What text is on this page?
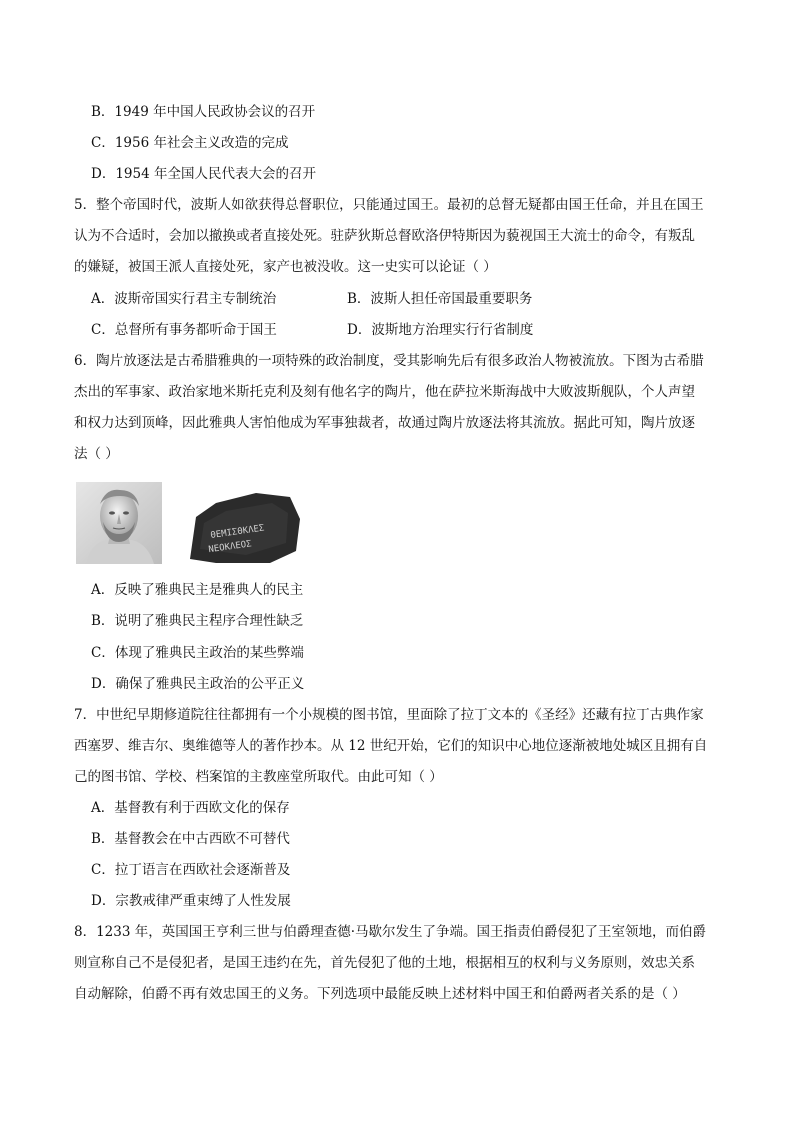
B．1949 年中国人民政协会议的召开
C．1956 年社会主义改造的完成
D．1954 年全国人民代表大会的召开
5．整个帝国时代，波斯人如欲获得总督职位，只能通过国王。最初的总督无疑都由国王任命，并且在国王
认为不合适时，会加以撤换或者直接处死。驻萨狄斯总督欧洛伊特斯因为藐视国王大流士的命令，有叛乱
的嫌疑，被国王派人直接处死，家产也被没收。这一史实可以论证（ ）
A．波斯帝国实行君主专制统治	B．波斯人担任帝国最重要职务
C．总督所有事务都听命于国王	D．波斯地方治理实行行省制度
6．陶片放逐法是古希腊雅典的一项特殊的政治制度，受其影响先后有很多政治人物被流放。下图为古希腊
杰出的军事家、政治家地米斯托克利及刻有他名字的陶片，他在萨拉米斯海战中大败波斯舰队，个人声望
和权力达到顶峰，因此雅典人害怕他成为军事独裁者，故通过陶片放逐法将其流放。据此可知，陶片放逐
法（ ）
ΘEMIΣΘΚΛEΣ
NEOKΛEOΣ
A．反映了雅典民主是雅典人的民主
B．说明了雅典民主程序合理性缺乏
C．体现了雅典民主政治的某些弊端
D．确保了雅典民主政治的公平正义
7．中世纪早期修道院往往都拥有一个小规模的图书馆，里面除了拉丁文本的《圣经》还藏有拉丁古典作家
西塞罗、维吉尔、奥维德等人的著作抄本。从 12 世纪开始，它们的知识中心地位逐渐被地处城区且拥有自
己的图书馆、学校、档案馆的主教座堂所取代。由此可知（ ）
A．基督教有利于西欧文化的保存
B．基督教会在中古西欧不可替代
C．拉丁语言在西欧社会逐渐普及
D．宗教戒律严重束缚了人性发展
8．1233 年，英国国王亨利三世与伯爵理查德·马歇尔发生了争端。国王指责伯爵侵犯了王室领地，而伯爵
则宣称自己不是侵犯者，是国王违约在先，首先侵犯了他的土地，根据相互的权利与义务原则，效忠关系
自动解除，伯爵不再有效忠国王的义务。下列选项中最能反映上述材料中国王和伯爵两者关系的是（ ）
